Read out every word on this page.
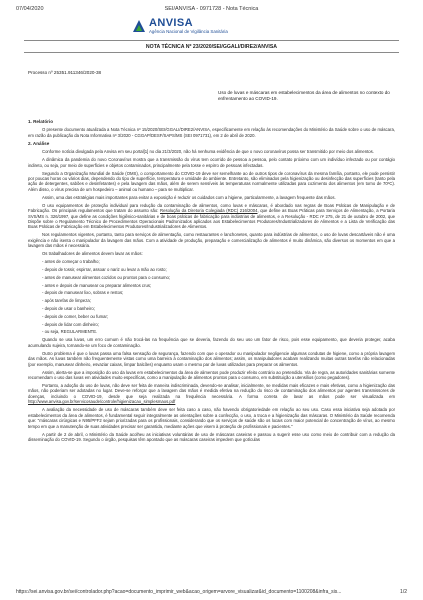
07/04/2020	SEI/ANVISA - 0971728 - Nota Técnica
ANVISA
Agência Nacional de Vigilância Sanitária
NOTA TÉCNICA Nº 23/2020/SEI/GGALI/DIRE2/ANVISA
Processo nº 25351.911346/2020-38
Uso de luvas e máscaras em estabelecimentos da área de alimentos no contexto do enfrentamento ao COVID-19.
1. Relatório

O presente documento atualizada a Nota Técnica nº 15/2020/SEI/GGALI/DIRE2/ANVISA, especificamente em relação às recomendações do Ministério da Saúde sobre o uso de máscara, em razão da publicação da Nota Informativa nº 3/2020 - CGGAP/DESF/SAPS/MS (SEI 0971731), em 2 de abril de 2020.

2. Análise

Conforme notícia divulgada pela Anvisa em seu portal[1] no dia 21/3/2020, não há nenhuma evidência de que o novo coronavírus possa ser transmitido por meio dos alimentos.

A dinâmica da pandemia do novo Coronavírus mostra que a transmissão do vírus tem ocorrido de pessoa a pessoa, pelo contato próximo com um indivíduo infectado ou por contágio indireto, ou seja, por meio de superfícies e objetos contaminados, principalmente pela tosse e espirro de pessoas infectadas.

Segundo a Organização Mundial de Saúde (OMS), o comportamento do COVID-19 deve ser semelhante ao de outros tipos de coronavírus da mesma família, portanto, ele pode persistir por poucas horas ou vários dias, dependendo do tipo de superfície, temperatura e umidade do ambiente. Entretanto, são eliminados pela higienização ou desinfecção das superfícies (tanto pela ação de detergentes, sabões e desinfetantes) e pela lavagem das mãos, além de serem sensíveis às temperaturas normalmente utilizadas para cozimento dos alimentos (em torno de 70ºC). Além disso, o vírus precisa de um hospedeiro – animal ou humano – para se multiplicar.

Assim, uma das estratégias mais importantes para evitar a exposição é reduzir os cuidados com a higiene, particularmente, a lavagem frequente das mãos.

O uso equipamentos de proteção individual para redução da contaminação de alimentos, como luvas e máscaras, é abordado nas regras de Boas Práticas de Manipulação e de Fabricação. Os principais regulamentos que tratam do assunto são: Resolução da Diretoria Colegiada (RDC) 216/2004, que define as Boas Práticas para Serviços de Alimentação, a Portaria SVS/MS n. 326/1997, que define as condições higiênico-sanitárias e de boas práticas de fabricação para indústrias de alimentos, e a Resolução - RDC nº 275, de 21 de outubro de 2002, que Dispõe sobre o Regulamento Técnico de Procedimentos Operacionais Padronizados aplicados aos Estabelecimentos Produtores/Industrializadores de Alimentos e a Lista de Verificação das Boas Práticas de Fabricação em Estabelecimentos Produtores/Industrializadores de Alimentos.

Nos regulamentos vigentes, portanto, tanto para serviços de alimentação, como restaurantes e lanchonetes, quanto para indústrias de alimentos, o uso de luvas descartáveis não é uma exigência e não isenta o manipulador da lavagem das mãos. Com a atividade de produção, preparação e comercialização de alimentos é muito dinâmica, são diversos os momentos em que a lavagem das mãos é necessária.

Os trabalhadores de alimentos devem lavar as mãos:

- antes de começar o trabalho;
- depois de tossir, espirrar, assoar o nariz ou levar a mão ao rosto;
- antes de manusear alimentos cozidos ou prontos para o consumo;
- antes e depois de manusear ou preparar alimentos crus;
- depois de manusear lixo, sobras e restos;
- após tarefas de limpeza;
- depois de usar o banheiro;
- depois de comer, beber ou fumar;
- depois de lidar com dinheiro;
- ou seja, REGULARMENTE.

Quando se usa luvas, um erro comum é não trocá-las na frequência que se deveria, fazendo do seu uso um fator de risco, pois esse equipamento, que deveria proteger, acaba acumulando sujeira, tornando-se um foco de contaminação.

Outro problema é que o luvas passa uma falsa sensação de segurança, fazendo com que o operador ou manipulador negligencie algumas condutas de higiene, como a própria lavagem das mãos. As luvas também não frequentemente vistas como uma barreira à contaminação dos alimentos; assim, os manipuladores acabam realizando muitas outras tarefas não relacionadas (por exemplo, manusear dinheiro, esvaziar caixas, limpar balcões) enquanto usam o mesmo par de luvas utilizados para preparar os alimentos.

Assim, alerta-se que a imposição do uso da luvas em estabelecimentos da área de alimentos pode produzir efeito contrário ao pretendido. Via de regra, as autoridades sanitárias somente recomendam o uso das luvas em atividades muito específicas, como a manipulação de alimentos prontos para o consumo, em substituição a utensílios (como pegadores).

Portanto, a adoção do uso de luvas, não deve ser feita de maneira indiscriminada, devendo-se analisar, inicialmente, se medidas mais eficazes e mais efetivas, como a higienização das mãos, não poderiam ser adotadas no lugar. Deve-se reforçar que a lavagem das mãos é medida efetiva na redução do risco de contaminação dos alimentos por agentes transmissores de doenças, incluindo o COVID-19, desde que seja realizada na frequência necessária. A forma correta de lavar as mãos pode ser visualizada em http://www.anvisa.gov.br/servicosaude/controle/higienizacao_simplesmaos.pdf

A avaliação da necessidade de uso de máscaras também deve ser feita caso a caso, não havendo obrigatoriedade em relação ao seu uso. Caso essa iniciativa seja adotada por estabelecimentos da área de alimentos, é fundamental seguir integralmente as orientações sobre a confecção, o uso, a troca e a higienização das máscaras. O Ministério da Saúde recomenda que: "máscaras cirúrgicas e N95/PFF2 sejam priorizadas para os profissionais, considerando que os serviços de saúde são os locais com maior potencial de concentração de vírus, ao mesmo tempo em que a manutenção de suas atividades precisar ser garantida, mediante ações que visem à proteção de profissionais e pacientes."

A partir de 2 de abril, o Ministério da Saúde acolheu as iniciativas voluntárias de uso de máscaras caseiras e passou a sugerir esse uso como meio de contribuir com a redução da disseminação do COVID-19. Segundo o órgão, pesquisas têm apontado que as máscaras caseiras impedem que gotículas

https://sei.anvisa.gov.br/sei/controlador.php?acao=documento_imprimir_web&acao_origem=arvore_visualizar&id_documento=1100208&infra_sis...	1/2
